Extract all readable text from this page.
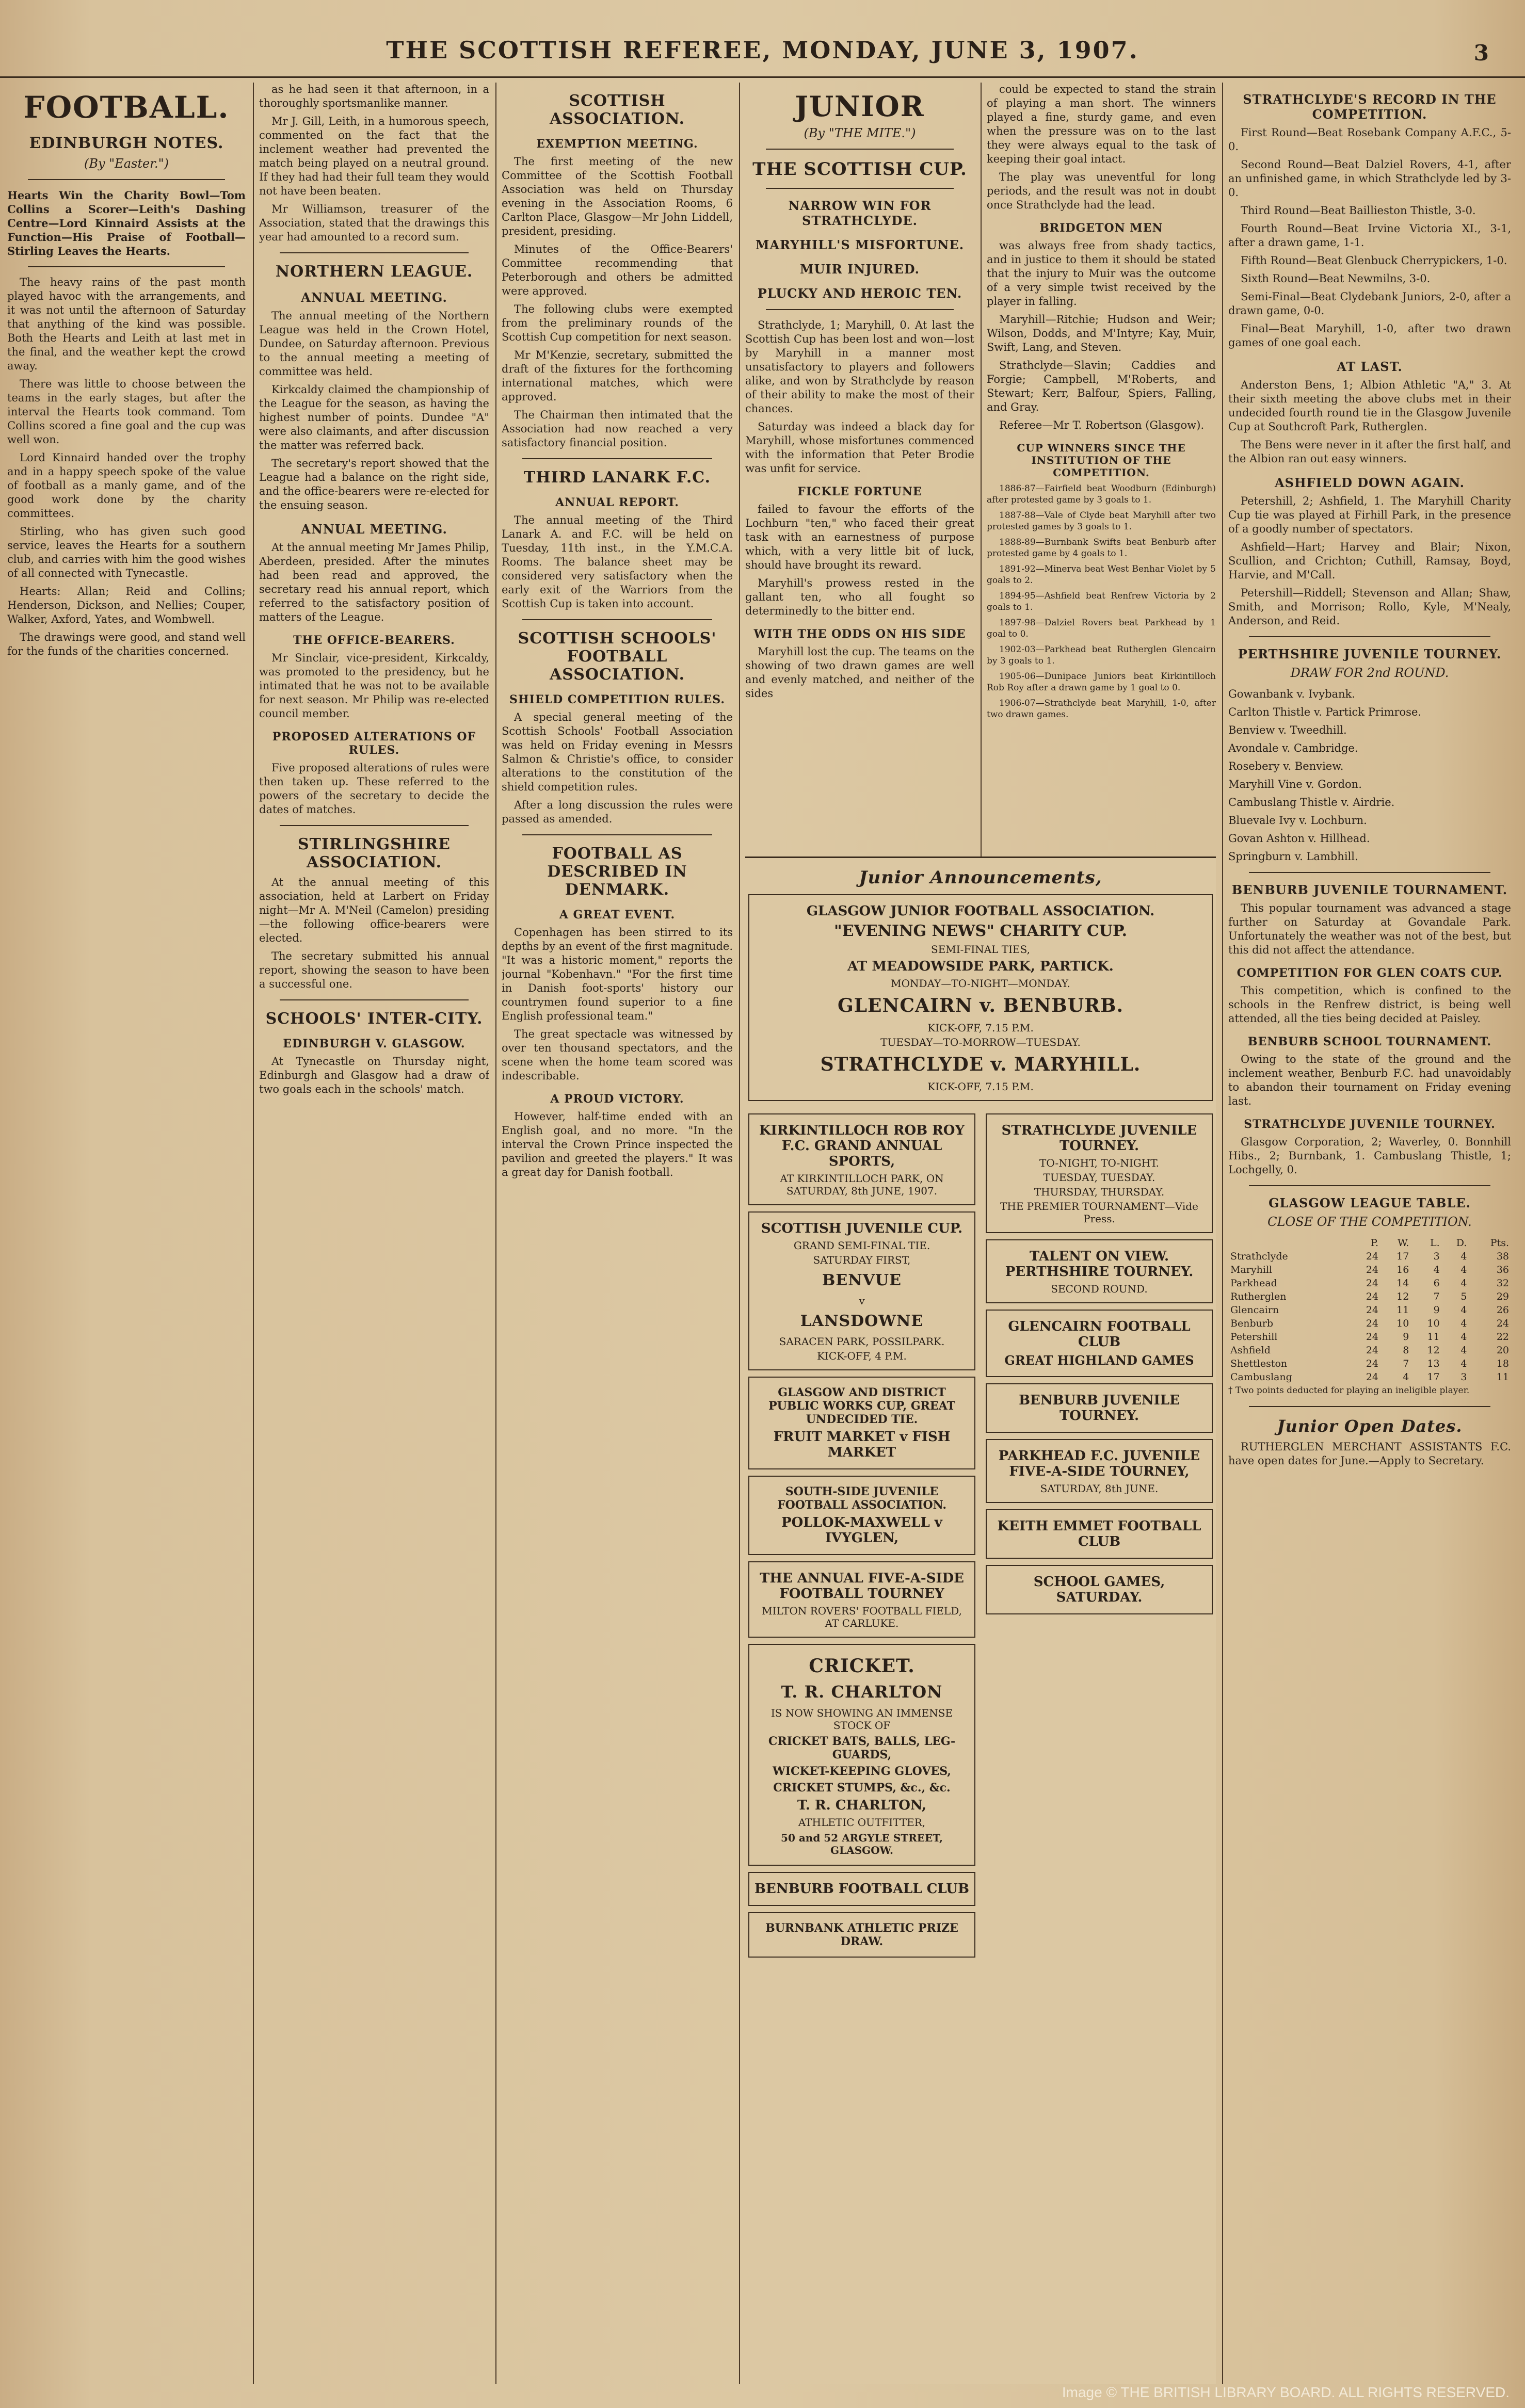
THE SCOTTISH REFEREE, MONDAY, JUNE 3, 1907.	3
FOOTBALL.
EDINBURGH NOTES.
(By "Easter.")

Hearts Win the Charity Bowl—Tom Collins a Scorer—Leith's Dashing Centre—Lord Kinnaird Assists at the Function—His Praise of Football—Stirling Leaves the Hearts.

The heavy rains of the past month played havoc with the arrangements, and it was not until the afternoon of Saturday that anything of the kind was possible. Both the Hearts and Leith at last met in the final, and the weather kept the crowd away.

There was little to choose between the teams in the early stages, but after the interval the Hearts took command. Tom Collins scored a fine goal and the cup was well won.

Lord Kinnaird handed over the trophy and in a happy speech spoke of the value of football as a manly game, and of the good work done by the charity committees.

Stirling, who has given such good service, leaves the Hearts for a southern club, and carries with him the good wishes of all connected with Tynecastle.

Hearts: Allan; Reid and Collins; Henderson, Dickson, and Nellies; Couper, Walker, Axford, Yates, and Wombwell.

The drawings were good, and stand well for the funds of the charities concerned.

as he had seen it that afternoon, in a thoroughly sportsmanlike manner.

Mr J. Gill, Leith, in a humorous speech, commented on the fact that the inclement weather had prevented the match being played on a neutral ground. If they had had their full team they would not have been beaten.

Mr Williamson, treasurer of the Association, stated that the drawings this year had amounted to a record sum.

NORTHERN LEAGUE.
ANNUAL MEETING.

The annual meeting of the Northern League was held in the Crown Hotel, Dundee, on Saturday afternoon. Previous to the annual meeting a meeting of committee was held.

Kirkcaldy claimed the championship of the League for the season, as having the highest number of points. Dundee "A" were also claimants, and after discussion the matter was referred back.

The secretary's report showed that the League had a balance on the right side, and the office-bearers were re-elected for the ensuing season.

ANNUAL MEETING.

At the annual meeting Mr James Philip, Aberdeen, presided. After the minutes had been read and approved, the secretary read his annual report, which referred to the satisfactory position of matters of the League.

THE OFFICE-BEARERS.

Mr Sinclair, vice-president, Kirkcaldy, was promoted to the presidency, but he intimated that he was not to be available for next season. Mr Philip was re-elected council member.

PROPOSED ALTERATIONS OF RULES.

Five proposed alterations of rules were then taken up. These referred to the powers of the secretary to decide the dates of matches.

STIRLINGSHIRE ASSOCIATION.

At the annual meeting of this association, held at Larbert on Friday night—Mr A. M'Neil (Camelon) presiding—the following office-bearers were elected.

The secretary submitted his annual report, showing the season to have been a successful one.

SCHOOLS' INTER-CITY.
EDINBURGH V. GLASGOW.

At Tynecastle on Thursday night, Edinburgh and Glasgow had a draw of two goals each in the schools' match.

SCOTTISH ASSOCIATION.
EXEMPTION MEETING.

The first meeting of the new Committee of the Scottish Football Association was held on Thursday evening in the Association Rooms, 6 Carlton Place, Glasgow—Mr John Liddell, president, presiding.

Minutes of the Office-Bearers' Committee recommending that Peterborough and others be admitted were approved.

The following clubs were exempted from the preliminary rounds of the Scottish Cup competition for next season.

Mr M'Kenzie, secretary, submitted the draft of the fixtures for the forthcoming international matches, which were approved.

The Chairman then intimated that the Association had now reached a very satisfactory financial position.

THIRD LANARK F.C.
ANNUAL REPORT.

The annual meeting of the Third Lanark A. and F.C. will be held on Tuesday, 11th inst., in the Y.M.C.A. Rooms. The balance sheet may be considered very satisfactory when the early exit of the Warriors from the Scottish Cup is taken into account.

SCOTTISH SCHOOLS' FOOTBALL ASSOCIATION.
SHIELD COMPETITION RULES.

A special general meeting of the Scottish Schools' Football Association was held on Friday evening in Messrs Salmon & Christie's office, to consider alterations to the constitution of the shield competition rules.

After a long discussion the rules were passed as amended.

FOOTBALL AS DESCRIBED IN DENMARK.
A GREAT EVENT.

Copenhagen has been stirred to its depths by an event of the first magnitude. "It was a historic moment," reports the journal "Kobenhavn." "For the first time in Danish foot-sports' history our countrymen found superior to a fine English professional team."

The great spectacle was witnessed by over ten thousand spectators, and the scene when the home team scored was indescribable.

A PROUD VICTORY.

However, half-time ended with an English goal, and no more. "In the interval the Crown Prince inspected the pavilion and greeted the players." It was a great day for Danish football.

JUNIOR
(By "THE MITE.")
THE SCOTTISH CUP.
NARROW WIN FOR STRATHCLYDE.
MARYHILL'S MISFORTUNE.
MUIR INJURED.
PLUCKY AND HEROIC TEN.

Strathclyde, 1; Maryhill, 0. At last the Scottish Cup has been lost and won—lost by Maryhill in a manner most unsatisfactory to players and followers alike, and won by Strathclyde by reason of their ability to make the most of their chances.

Saturday was indeed a black day for Maryhill, whose misfortunes commenced with the information that Peter Brodie was unfit for service.

FICKLE FORTUNE

failed to favour the efforts of the Lochburn "ten," who faced their great task with an earnestness of purpose which, with a very little bit of luck, should have brought its reward.

Maryhill's prowess rested in the gallant ten, who all fought so determinedly to the bitter end.

WITH THE ODDS ON HIS SIDE

Maryhill lost the cup. The teams on the showing of two drawn games are well and evenly matched, and neither of the sides

could be expected to stand the strain of playing a man short. The winners played a fine, sturdy game, and even when the pressure was on to the last they were always equal to the task of keeping their goal intact.

The play was uneventful for long periods, and the result was not in doubt once Strathclyde had the lead.

BRIDGETON MEN

was always free from shady tactics, and in justice to them it should be stated that the injury to Muir was the outcome of a very simple twist received by the player in falling.

Maryhill—Ritchie; Hudson and Weir; Wilson, Dodds, and M'Intyre; Kay, Muir, Swift, Lang, and Steven.

Strathclyde—Slavin; Caddies and Forgie; Campbell, M'Roberts, and Stewart; Kerr, Balfour, Spiers, Falling, and Gray.

Referee—Mr T. Robertson (Glasgow).

CUP WINNERS SINCE THE INSTITUTION OF THE COMPETITION.

1886-87—Fairfield beat Woodburn (Edinburgh) after protested game by 3 goals to 1.

1887-88—Vale of Clyde beat Maryhill after two protested games by 3 goals to 1.

1888-89—Burnbank Swifts beat Benburb after protested game by 4 goals to 1.

1891-92—Minerva beat West Benhar Violet by 5 goals to 2.

1894-95—Ashfield beat Renfrew Victoria by 2 goals to 1.

1897-98—Dalziel Rovers beat Parkhead by 1 goal to 0.

1902-03—Parkhead beat Rutherglen Glencairn by 3 goals to 1.

1905-06—Dunipace Juniors beat Kirkintilloch Rob Roy after a drawn game by 1 goal to 0.

1906-07—Strathclyde beat Maryhill, 1-0, after two drawn games.

Junior Announcements,
GLASGOW JUNIOR FOOTBALL ASSOCIATION.
"EVENING NEWS" CHARITY CUP.
SEMI-FINAL TIES,
AT MEADOWSIDE PARK, PARTICK.
MONDAY—TO-NIGHT—MONDAY.
GLENCAIRN v. BENBURB.
KICK-OFF, 7.15 P.M.
TUESDAY—TO-MORROW—TUESDAY.
STRATHCLYDE v. MARYHILL.
KICK-OFF, 7.15 P.M.
KIRKINTILLOCH ROB ROY F.C. GRAND ANNUAL SPORTS,
AT KIRKINTILLOCH PARK, ON SATURDAY, 8th JUNE, 1907.
SCOTTISH JUVENILE CUP.
GRAND SEMI-FINAL TIE.
SATURDAY FIRST,
BENVUE
v
LANSDOWNE
SARACEN PARK, POSSILPARK.
KICK-OFF, 4 P.M.
GLASGOW AND DISTRICT PUBLIC WORKS CUP, GREAT UNDECIDED TIE.
FRUIT MARKET v FISH MARKET
SOUTH-SIDE JUVENILE FOOTBALL ASSOCIATION.
POLLOK-MAXWELL v IVYGLEN,
THE ANNUAL FIVE-A-SIDE FOOTBALL TOURNEY
MILTON ROVERS' FOOTBALL FIELD, AT CARLUKE.
CRICKET.
T. R. CHARLTON
IS NOW SHOWING AN IMMENSE STOCK OF
CRICKET BATS, BALLS, LEG-GUARDS,
WICKET-KEEPING GLOVES,
CRICKET STUMPS, &c., &c.
T. R. CHARLTON,
ATHLETIC OUTFITTER,
50 and 52 ARGYLE STREET, GLASGOW.
BENBURB FOOTBALL CLUB
BURNBANK ATHLETIC PRIZE DRAW.
STRATHCLYDE JUVENILE TOURNEY.
TO-NIGHT, TO-NIGHT.
TUESDAY, TUESDAY.
THURSDAY, THURSDAY.
THE PREMIER TOURNAMENT—Vide Press.
TALENT ON VIEW. PERTHSHIRE TOURNEY.
SECOND ROUND.
GLENCAIRN FOOTBALL CLUB
GREAT HIGHLAND GAMES
BENBURB JUVENILE TOURNEY.
PARKHEAD F.C. JUVENILE FIVE-A-SIDE TOURNEY,
SATURDAY, 8th JUNE.
KEITH EMMET FOOTBALL CLUB
SCHOOL GAMES, SATURDAY.
STRATHCLYDE'S RECORD IN THE COMPETITION.

First Round—Beat Rosebank Company A.F.C., 5-0.

Second Round—Beat Dalziel Rovers, 4-1, after an unfinished game, in which Strathclyde led by 3-0.

Third Round—Beat Baillieston Thistle, 3-0.

Fourth Round—Beat Irvine Victoria XI., 3-1, after a drawn game, 1-1.

Fifth Round—Beat Glenbuck Cherrypickers, 1-0.

Sixth Round—Beat Newmilns, 3-0.

Semi-Final—Beat Clydebank Juniors, 2-0, after a drawn game, 0-0.

Final—Beat Maryhill, 1-0, after two drawn games of one goal each.

AT LAST.

Anderston Bens, 1; Albion Athletic "A," 3. At their sixth meeting the above clubs met in their undecided fourth round tie in the Glasgow Juvenile Cup at Southcroft Park, Rutherglen.

The Bens were never in it after the first half, and the Albion ran out easy winners.

ASHFIELD DOWN AGAIN.

Petershill, 2; Ashfield, 1. The Maryhill Charity Cup tie was played at Firhill Park, in the presence of a goodly number of spectators.

Ashfield—Hart; Harvey and Blair; Nixon, Scullion, and Crichton; Cuthill, Ramsay, Boyd, Harvie, and M'Call.

Petershill—Riddell; Stevenson and Allan; Shaw, Smith, and Morrison; Rollo, Kyle, M'Nealy, Anderson, and Reid.

PERTHSHIRE JUVENILE TOURNEY.
DRAW FOR 2nd ROUND.

Gowanbank v. Ivybank.

Carlton Thistle v. Partick Primrose.

Benview v. Tweedhill.

Avondale v. Cambridge.

Rosebery v. Benview.

Maryhill Vine v. Gordon.

Cambuslang Thistle v. Airdrie.

Bluevale Ivy v. Lochburn.

Govan Ashton v. Hillhead.

Springburn v. Lambhill.

BENBURB JUVENILE TOURNAMENT.

This popular tournament was advanced a stage further on Saturday at Govandale Park. Unfortunately the weather was not of the best, but this did not affect the attendance.

COMPETITION FOR GLEN COATS CUP.

This competition, which is confined to the schools in the Renfrew district, is being well attended, all the ties being decided at Paisley.

BENBURB SCHOOL TOURNAMENT.

Owing to the state of the ground and the inclement weather, Benburb F.C. had unavoidably to abandon their tournament on Friday evening last.

STRATHCLYDE JUVENILE TOURNEY.

Glasgow Corporation, 2; Waverley, 0. Bonnhill Hibs., 2; Burnbank, 1. Cambuslang Thistle, 1; Lochgelly, 0.

GLASGOW LEAGUE TABLE.
CLOSE OF THE COMPETITION.
	P.	W.	L.	D.	Pts.
Strathclyde	24	17	3	4	38
Maryhill	24	16	4	4	36
Parkhead	24	14	6	4	32
Rutherglen	24	12	7	5	29
Glencairn	24	11	9	4	26
Benburb	24	10	10	4	24
Petershill	24	9	11	4	22
Ashfield	24	8	12	4	20
Shettleston	24	7	13	4	18
Cambuslang	24	4	17	3	11

† Two points deducted for playing an ineligible player.

Junior Open Dates.

RUTHERGLEN MERCHANT ASSISTANTS F.C. have open dates for June.—Apply to Secretary.

Image © THE BRITISH LIBRARY BOARD. ALL RIGHTS RESERVED.
